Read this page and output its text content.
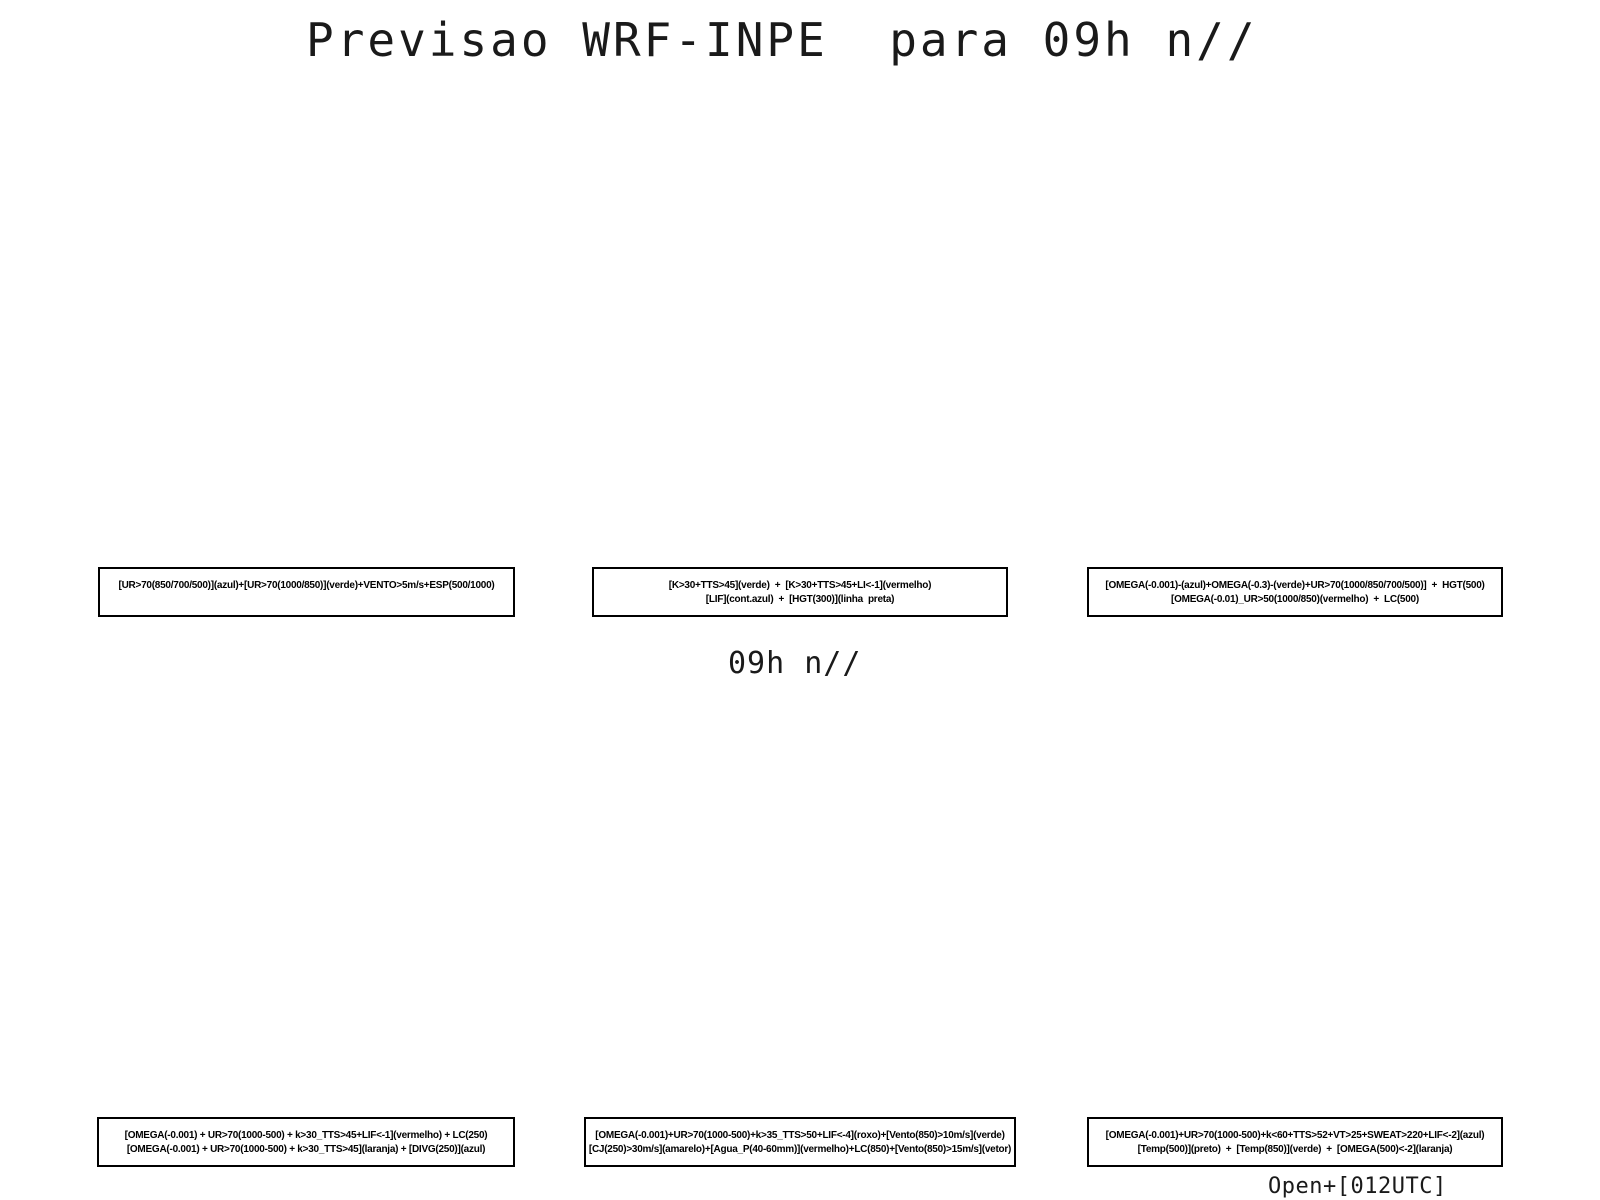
Previsao WRF-INPE  para 09h n//
[UR>70(850/700/500)](azul)+[UR>70(1000/850)](verde)+VENTO>5m/s+ESP(500/1000)	[K>30+TTS>45](verde)  +  [K>30+TTS>45+LI<-1](vermelho)
[LIF](cont.azul)  +  [HGT(300)](linha  preta)
[OMEGA(-0.001)-(azul)+OMEGA(-0.3)-(verde)+UR>70(1000/850/700/500)]  +  HGT(500)
[OMEGA(-0.01)_UR>50(1000/850)(vermelho)  +  LC(500)
09h n//
[OMEGA(-0.001) + UR>70(1000-500) + k>30_TTS>45+LIF<-1](vermelho) + LC(250)
[OMEGA(-0.001) + UR>70(1000-500) + k>30_TTS>45](laranja) + [DIVG(250)](azul)
[OMEGA(-0.001)+UR>70(1000-500)+k>35_TTS>50+LIF<-4](roxo)+[Vento(850)>10m/s](verde)
[CJ(250)>30m/s](amarelo)+[Agua_P(40-60mm)](vermelho)+LC(850)+[Vento(850)>15m/s](vetor)
[OMEGA(-0.001)+UR>70(1000-500)+k<60+TTS>52+VT>25+SWEAT>220+LIF<-2](azul)
[Temp(500)](preto)  +  [Temp(850)](verde)  +  [OMEGA(500)<-2](laranja)
Open+[012UTC]
